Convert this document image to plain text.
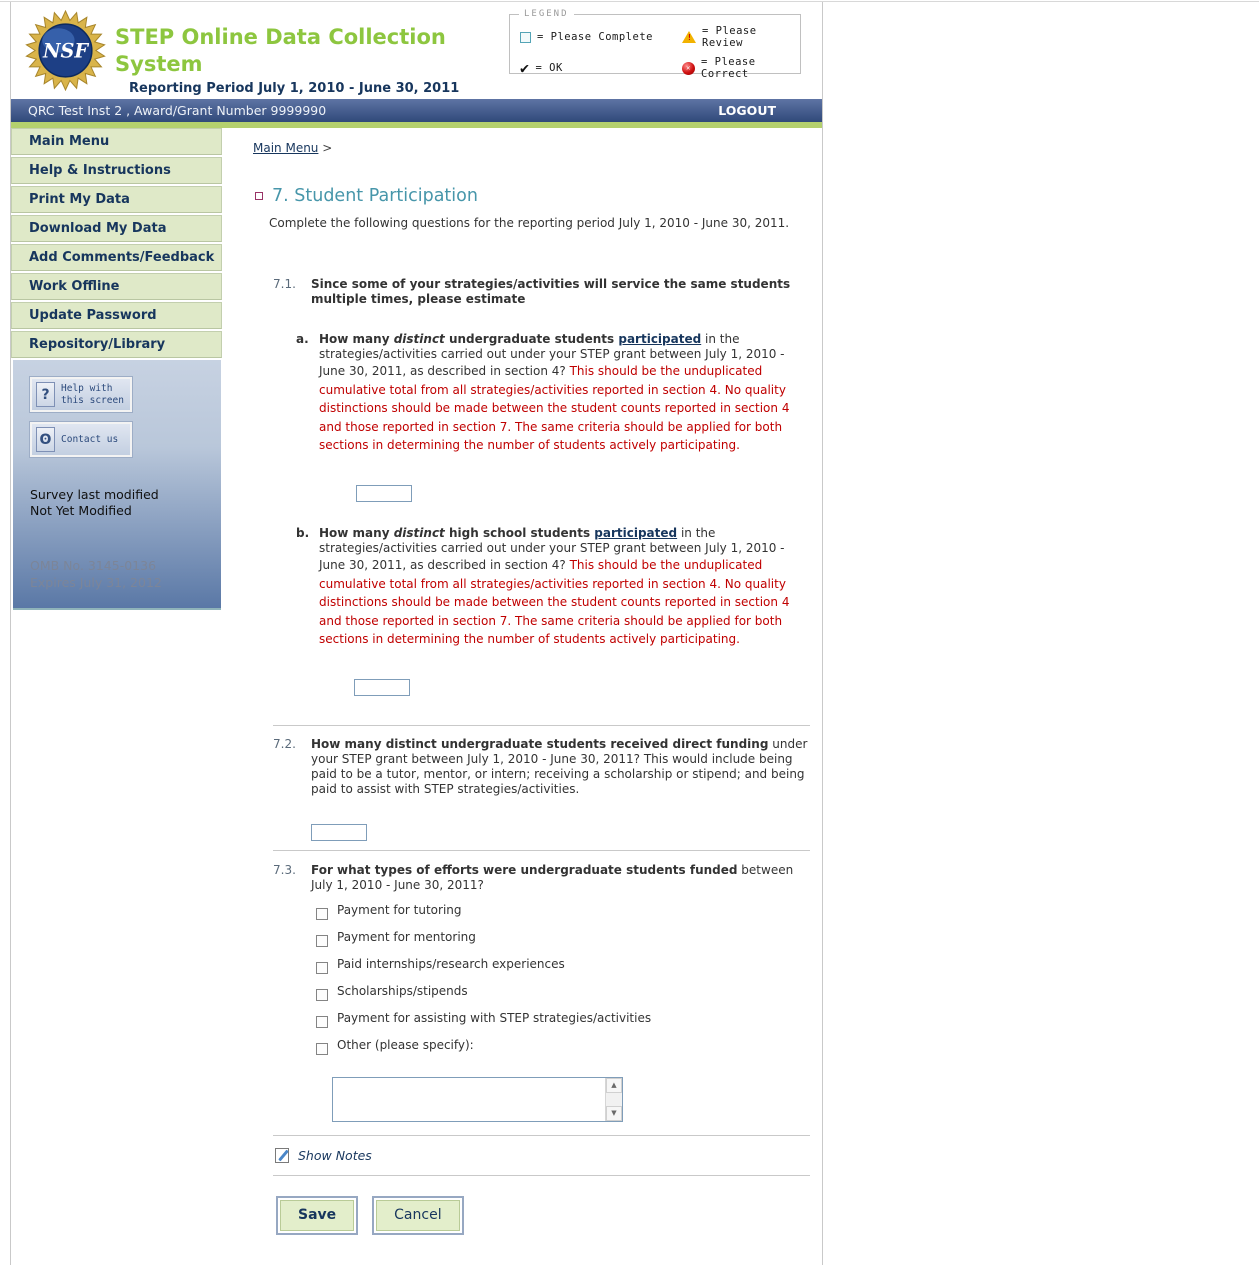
NSF
STEP Online Data Collection
System
Reporting Period July 1, 2010 - June 30, 2011
LEGEND
= Please Complete !	= Please Review
✔ = OK ✕	= Please Correct
QRC Test Inst 2 , Award/Grant Number 9999990	LOGOUT
Main Menu
Help & Instructions
Print My Data
Download My Data
Add Comments/Feedback
Work Offline
Update Password
Repository/Library
?	Help with
this screen
ʘ	Contact us
Survey last modified
Not Yet Modified
OMB No. 3145-0136
Expires July 31, 2012
Main Menu >
7. Student Participation
Complete the following questions for the reporting period July 1, 2010 - June 30, 2011.
7.1.	Since some of your strategies/activities will service the same students multiple times, please estimate
a. How many distinct undergraduate students participated in the strategies/activities carried out under your STEP grant between July 1, 2010 - June 30, 2011, as described in section 4? This should be the unduplicated cumulative total from all strategies/activities reported in section 4. No quality distinctions should be made between the student counts reported in section 4 and those reported in section 7. The same criteria should be applied for both sections in determining the number of students actively participating.
b. How many distinct high school students participated in the strategies/activities carried out under your STEP grant between July 1, 2010 - June 30, 2011, as described in section 4? This should be the unduplicated cumulative total from all strategies/activities reported in section 4. No quality distinctions should be made between the student counts reported in section 4 and those reported in section 7. The same criteria should be applied for both sections in determining the number of students actively participating.
7.2.	How many distinct undergraduate students received direct funding under your STEP grant between July 1, 2010 - June 30, 2011? This would include being paid to be a tutor, mentor, or intern; receiving a scholarship or stipend; and being paid to assist with STEP strategies/activities.
7.3.	For what types of efforts were undergraduate students funded between July 1, 2010 - June 30, 2011?
Payment for tutoring
Payment for mentoring
Paid internships/research experiences
Scholarships/stipends
Payment for assisting with STEP strategies/activities
Other (please specify):
▲
▼
Show Notes
Save	Cancel
